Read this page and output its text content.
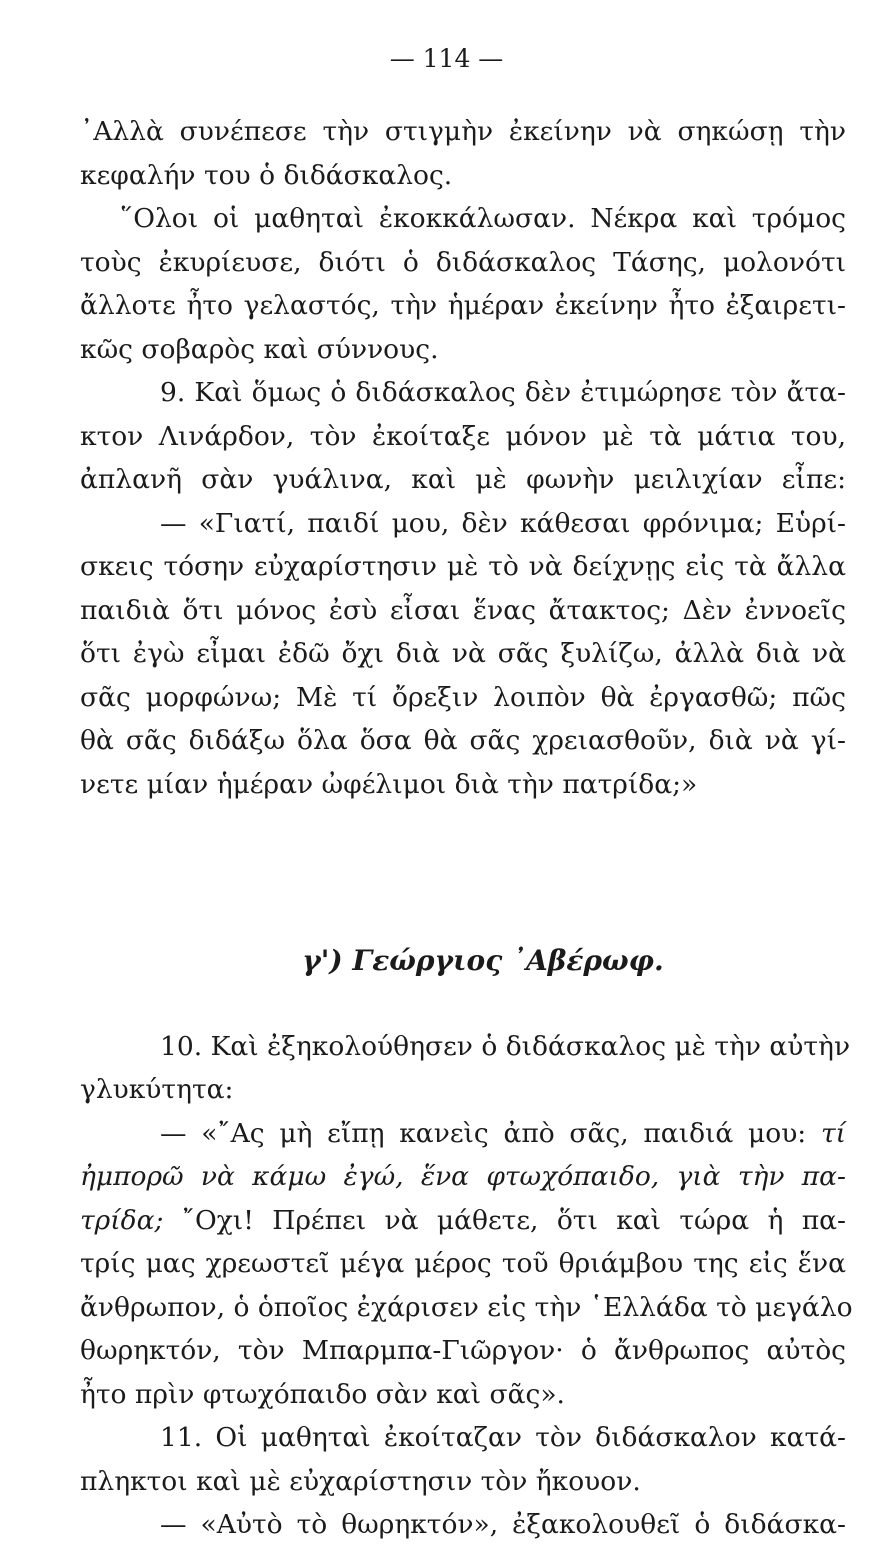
— 114 —
᾿Αλλὰ συνέπεσε τὴν στιγμὴν ἐκείνην νὰ σηκώσῃ τὴν
κεφαλήν του ὁ διδάσκαλος.
῞Ολοι οἱ μαθηταὶ ἐκοκκάλωσαν. Νέκρα καὶ τρόμος
τοὺς ἐκυρίευσε, διότι ὁ διδάσκαλος Τάσης, μολονότι
ἄλλοτε ἦτο γελαστός, τὴν ἡμέραν ἐκείνην ἦτο ἐξαιρετι-
κῶς σοβαρὸς καὶ σύννους.
9. Καὶ ὅμως ὁ διδάσκαλος δὲν ἐτιμώρησε τὸν ἄτα-
κτον Λινάρδον, τὸν ἐκοίταξε μόνον μὲ τὰ μάτια του,
ἀπλανῆ σὰν γυάλινα, καὶ μὲ φωνὴν μειλιχίαν εἶπε:
— «Γιατί, παιδί μου, δὲν κάθεσαι φρόνιμα; Εὑρί-
σκεις τόσην εὐχαρίστησιν μὲ τὸ νὰ δείχνῃς εἰς τὰ ἄλλα
παιδιὰ ὅτι μόνος ἐσὺ εἶσαι ἕνας ἄτακτος; Δὲν ἐννοεῖς
ὅτι ἐγὼ εἶμαι ἐδῶ ὄχι διὰ νὰ σᾶς ξυλίζω, ἀλλὰ διὰ νὰ
σᾶς μορφώνω; Μὲ τί ὄρεξιν λοιπὸν θὰ ἐργασθῶ; πῶς
θὰ σᾶς διδάξω ὅλα ὅσα θὰ σᾶς χρειασθοῦν, διὰ νὰ γί-
νετε μίαν ἡμέραν ὠφέλιμοι διὰ τὴν πατρίδα;»
γ') Γεώργιος ᾿Αβέρωφ.
10. Καὶ ἐξηκολούθησεν ὁ διδάσκαλος μὲ τὴν αὐτὴν
γλυκύτητα:
— «῎Ας μὴ εἴπῃ κανεὶς ἀπὸ σᾶς, παιδιά μου: τί
ἠμπορῶ νὰ κάμω ἐγώ, ἕνα φτωχόπαιδο, γιὰ τὴν πα-
τρίδα; ῎Οχι! Πρέπει νὰ μάθετε, ὅτι καὶ τώρα ἡ πα-
τρίς μας χρεωστεῖ μέγα μέρος τοῦ θριάμβου της εἰς ἕνα
ἄνθρωπον, ὁ ὁποῖος ἐχάρισεν εἰς τὴν ῾Ελλάδα τὸ μεγάλο
θωρηκτόν, τὸν Μπαρμπα-Γιῶργον· ὁ ἄνθρωπος αὐτὸς
ἦτο πρὶν φτωχόπαιδο σὰν καὶ σᾶς».
11. Οἱ μαθηταὶ ἐκοίταζαν τὸν διδάσκαλον κατά-
πληκτοι καὶ μὲ εὐχαρίστησιν τὸν ἤκουον.
— «Αὐτὸ τὸ θωρηκτόν», ἐξακολουθεῖ ὁ διδάσκα-
